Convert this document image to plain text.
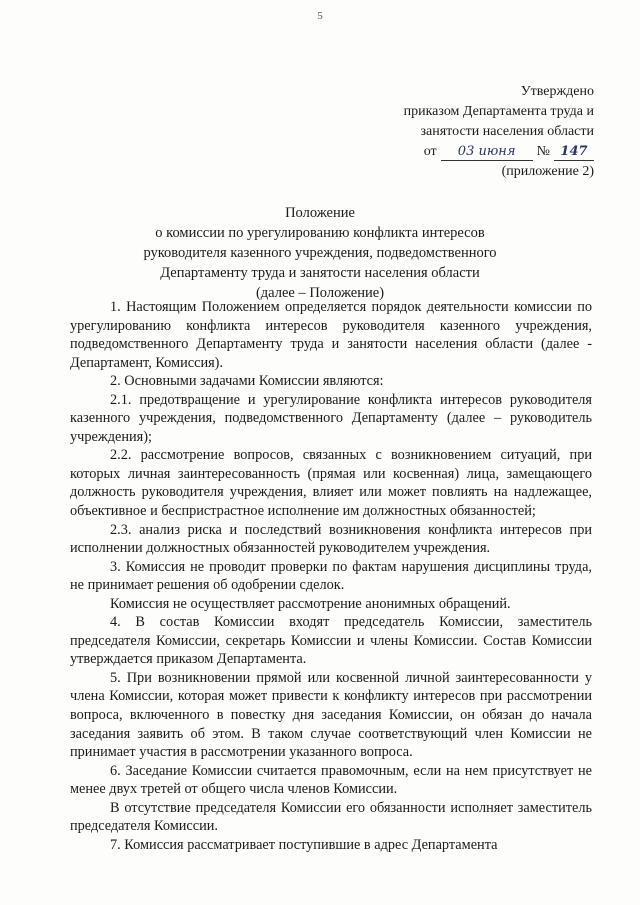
5
Утверждено
приказом Департамента труда и
занятости населения области
от	03 июня	№ 147
(приложение 2)
Положение
о комиссии по урегулированию конфликта интересов
руководителя казенного учреждения, подведомственного
Департаменту труда и занятости населения области
(далее – Положение)

1. Настоящим Положением определяется порядок деятельности комиссии по урегулированию конфликта интересов руководителя казенного учреждения, подведомственного Департаменту труда и занятости населения области (далее - Департамент, Комиссия).

2. Основными задачами Комиссии являются:

2.1. предотвращение и урегулирование конфликта интересов руководителя казенного учреждения, подведомственного Департаменту (далее – руководитель учреждения);

2.2. рассмотрение вопросов, связанных с возникновением ситуаций, при которых личная заинтересованность (прямая или косвенная) лица, замещающего должность руководителя учреждения, влияет или может повлиять на надлежащее, объективное и беспристрастное исполнение им должностных обязанностей;

2.3. анализ риска и последствий возникновения конфликта интересов при исполнении должностных обязанностей руководителем учреждения.

3. Комиссия не проводит проверки по фактам нарушения дисциплины труда, не принимает решения об одобрении сделок.

Комиссия не осуществляет рассмотрение анонимных обращений.

4. В состав Комиссии входят председатель Комиссии, заместитель председателя Комиссии, секретарь Комиссии и члены Комиссии. Состав Комиссии утверждается приказом Департамента.

5. При возникновении прямой или косвенной личной заинтересованности у члена Комиссии, которая может привести к конфликту интересов при рассмотрении вопроса, включенного в повестку дня заседания Комиссии, он обязан до начала заседания заявить об этом. В таком случае соответствующий член Комиссии не принимает участия в рассмотрении указанного вопроса.

6. Заседание Комиссии считается правомочным, если на нем присутствует не менее двух третей от общего числа членов Комиссии.

В отсутствие председателя Комиссии его обязанности исполняет заместитель председателя Комиссии.

7. Комиссия рассматривает поступившие в адрес Департамента
